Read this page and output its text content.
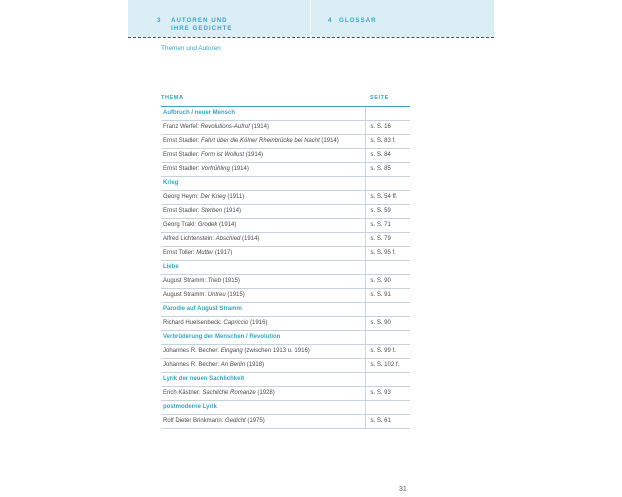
3 AUTOREN UND
IHRE GEDICHTE
4 GLOSSAR
Themen und Autoren
THEMA	SEITE
Aufbruch / neuer Mensch	
Franz Werfel: Revolutions-Aufruf (1914)	s. S. 16
Ernst Stadler: Fahrt über die Kölner Rheinbrücke bei Nacht (1914)	s. S. 83 f.
Ernst Stadler: Form ist Wollust (1914)	s. S. 84
Ernst Stadler: Vorfrühling (1914)	s. S. 85
Krieg	
Georg Heym: Der Krieg (1911)	s. S. 54 ff.
Ernst Stadler: Sterben (1914)	s. S. 59
Georg Trakl: Grodek (1914)	s. S. 71
Alfred Lichtenstein: Abschied (1914)	s. S. 79
Ernst Toller: Mutter (1917)	s. S. 95 f.
Liebe	
August Stramm: Trieb (1915)	s. S. 90
August Stramm: Untreu (1915)	s. S. 91
Parodie auf August Stramm	
Richard Huelsenbeck: Capriccio (1916)	s. S. 90
Verbrüderung der Menschen / Revolution	
Johannes R. Becher: Eingang (zwischen 1913 u. 1916)	s. S. 99 f.
Johannes R. Becher: An Berlin (1918)	s. S. 102 f.
Lyrik der neuen Sachlichkeit	
Erich Kästner: Sachliche Romanze (1928)	s. S. 93
postmoderne Lyrik	
Rolf Dieter Brinkmann: Gedicht (1975)	s. S. 61
31
